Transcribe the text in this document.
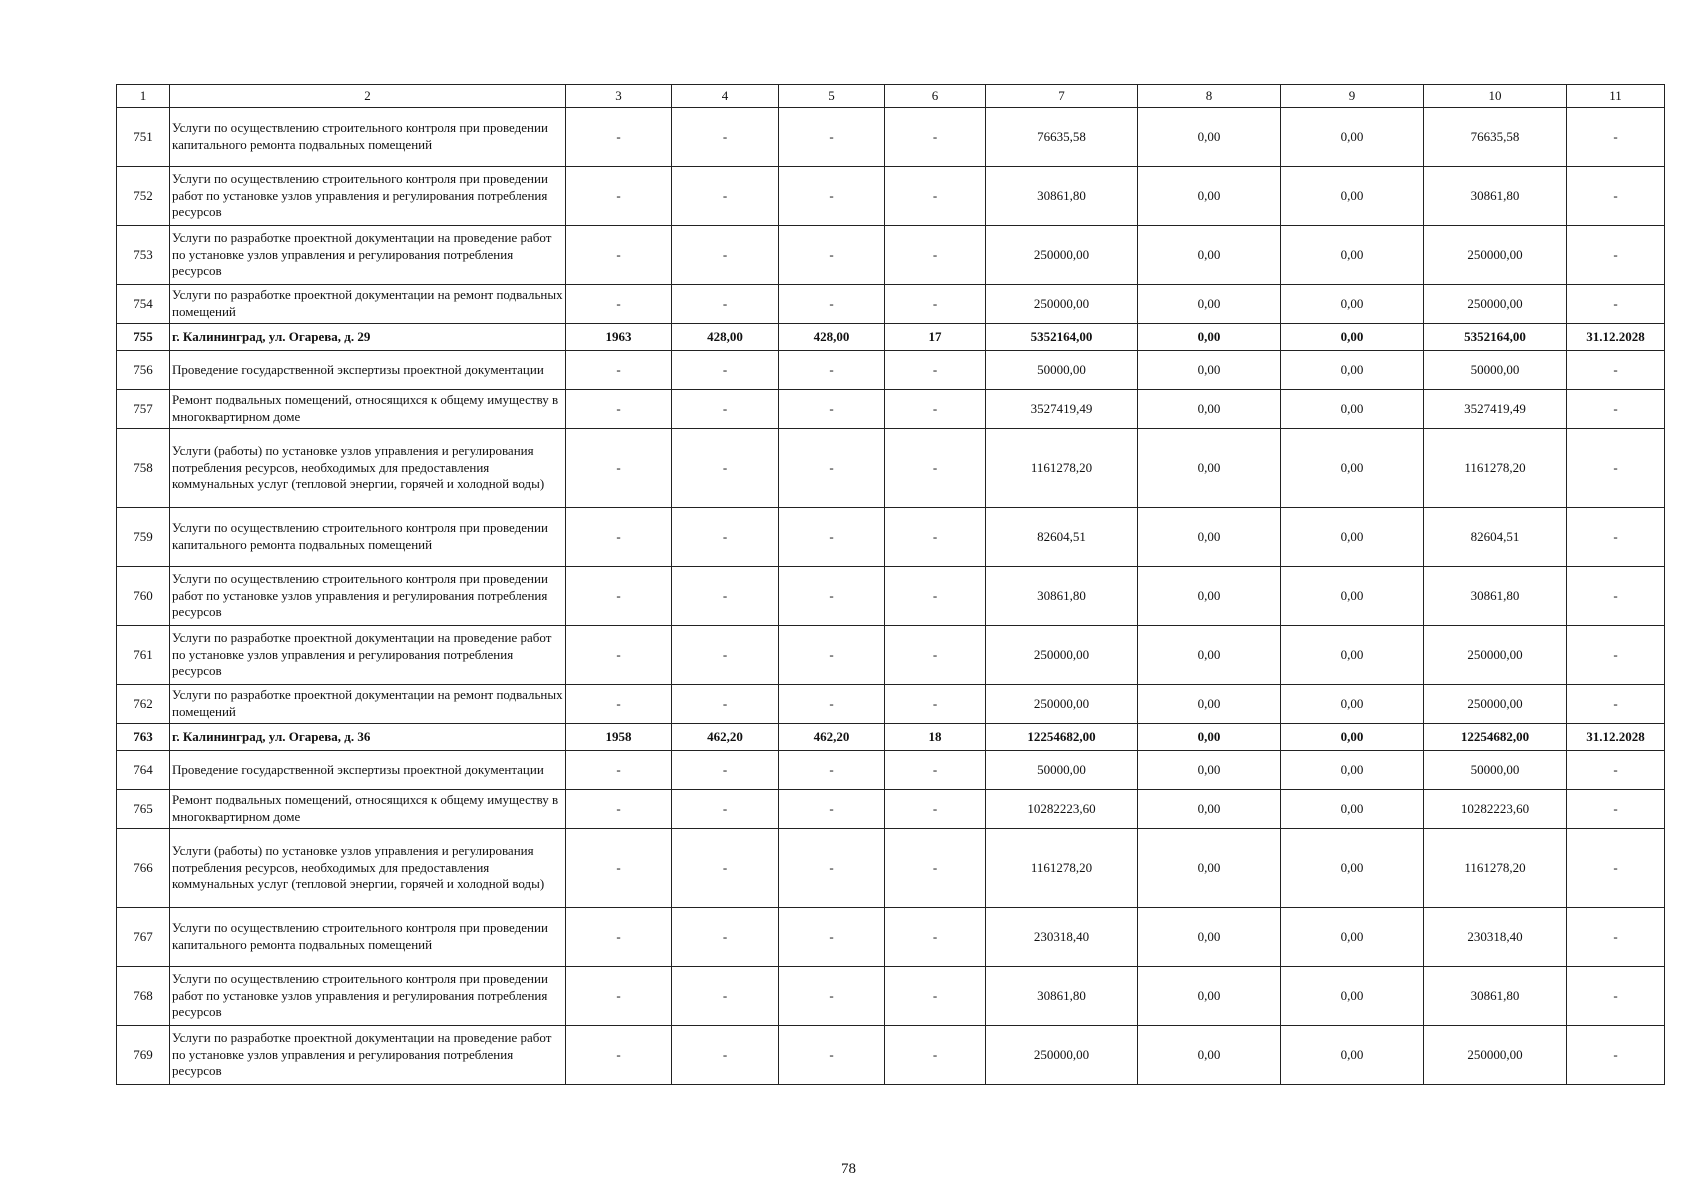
1	2	3	4	5	6	7	8	9	10	11
751	Услуги по осуществлению строительного контроля при проведении капитального ремонта подвальных помещений	-	-	-	-	76635,58	0,00	0,00	76635,58	-
752	Услуги по осуществлению строительного контроля при проведении работ по установке узлов управления и регулирования потребления ресурсов	-	-	-	-	30861,80	0,00	0,00	30861,80	-
753	Услуги по разработке проектной документации на проведение работ по установке узлов управления и регулирования потребления ресурсов	-	-	-	-	250000,00	0,00	0,00	250000,00	-
754	Услуги по разработке проектной документации на ремонт подвальных помещений	-	-	-	-	250000,00	0,00	0,00	250000,00	-
755	г. Калининград, ул. Огарева, д. 29	1963	428,00	428,00	17	5352164,00	0,00	0,00	5352164,00	31.12.2028
756	Проведение государственной экспертизы проектной документации	-	-	-	-	50000,00	0,00	0,00	50000,00	-
757	Ремонт подвальных помещений, относящихся к общему имуществу в многоквартирном доме	-	-	-	-	3527419,49	0,00	0,00	3527419,49	-
758	Услуги (работы) по установке узлов управления и регулирования потребления ресурсов, необходимых для предоставления коммунальных услуг (тепловой энергии, горячей и холодной воды)	-	-	-	-	1161278,20	0,00	0,00	1161278,20	-
759	Услуги по осуществлению строительного контроля при проведении капитального ремонта подвальных помещений	-	-	-	-	82604,51	0,00	0,00	82604,51	-
760	Услуги по осуществлению строительного контроля при проведении работ по установке узлов управления и регулирования потребления ресурсов	-	-	-	-	30861,80	0,00	0,00	30861,80	-
761	Услуги по разработке проектной документации на проведение работ по установке узлов управления и регулирования потребления ресурсов	-	-	-	-	250000,00	0,00	0,00	250000,00	-
762	Услуги по разработке проектной документации на ремонт подвальных помещений	-	-	-	-	250000,00	0,00	0,00	250000,00	-
763	г. Калининград, ул. Огарева, д. 36	1958	462,20	462,20	18	12254682,00	0,00	0,00	12254682,00	31.12.2028
764	Проведение государственной экспертизы проектной документации	-	-	-	-	50000,00	0,00	0,00	50000,00	-
765	Ремонт подвальных помещений, относящихся к общему имуществу в многоквартирном доме	-	-	-	-	10282223,60	0,00	0,00	10282223,60	-
766	Услуги (работы) по установке узлов управления и регулирования потребления ресурсов, необходимых для предоставления коммунальных услуг (тепловой энергии, горячей и холодной воды)	-	-	-	-	1161278,20	0,00	0,00	1161278,20	-
767	Услуги по осуществлению строительного контроля при проведении капитального ремонта подвальных помещений	-	-	-	-	230318,40	0,00	0,00	230318,40	-
768	Услуги по осуществлению строительного контроля при проведении работ по установке узлов управления и регулирования потребления ресурсов	-	-	-	-	30861,80	0,00	0,00	30861,80	-
769	Услуги по разработке проектной документации на проведение работ по установке узлов управления и регулирования потребления ресурсов	-	-	-	-	250000,00	0,00	0,00	250000,00	-
78
